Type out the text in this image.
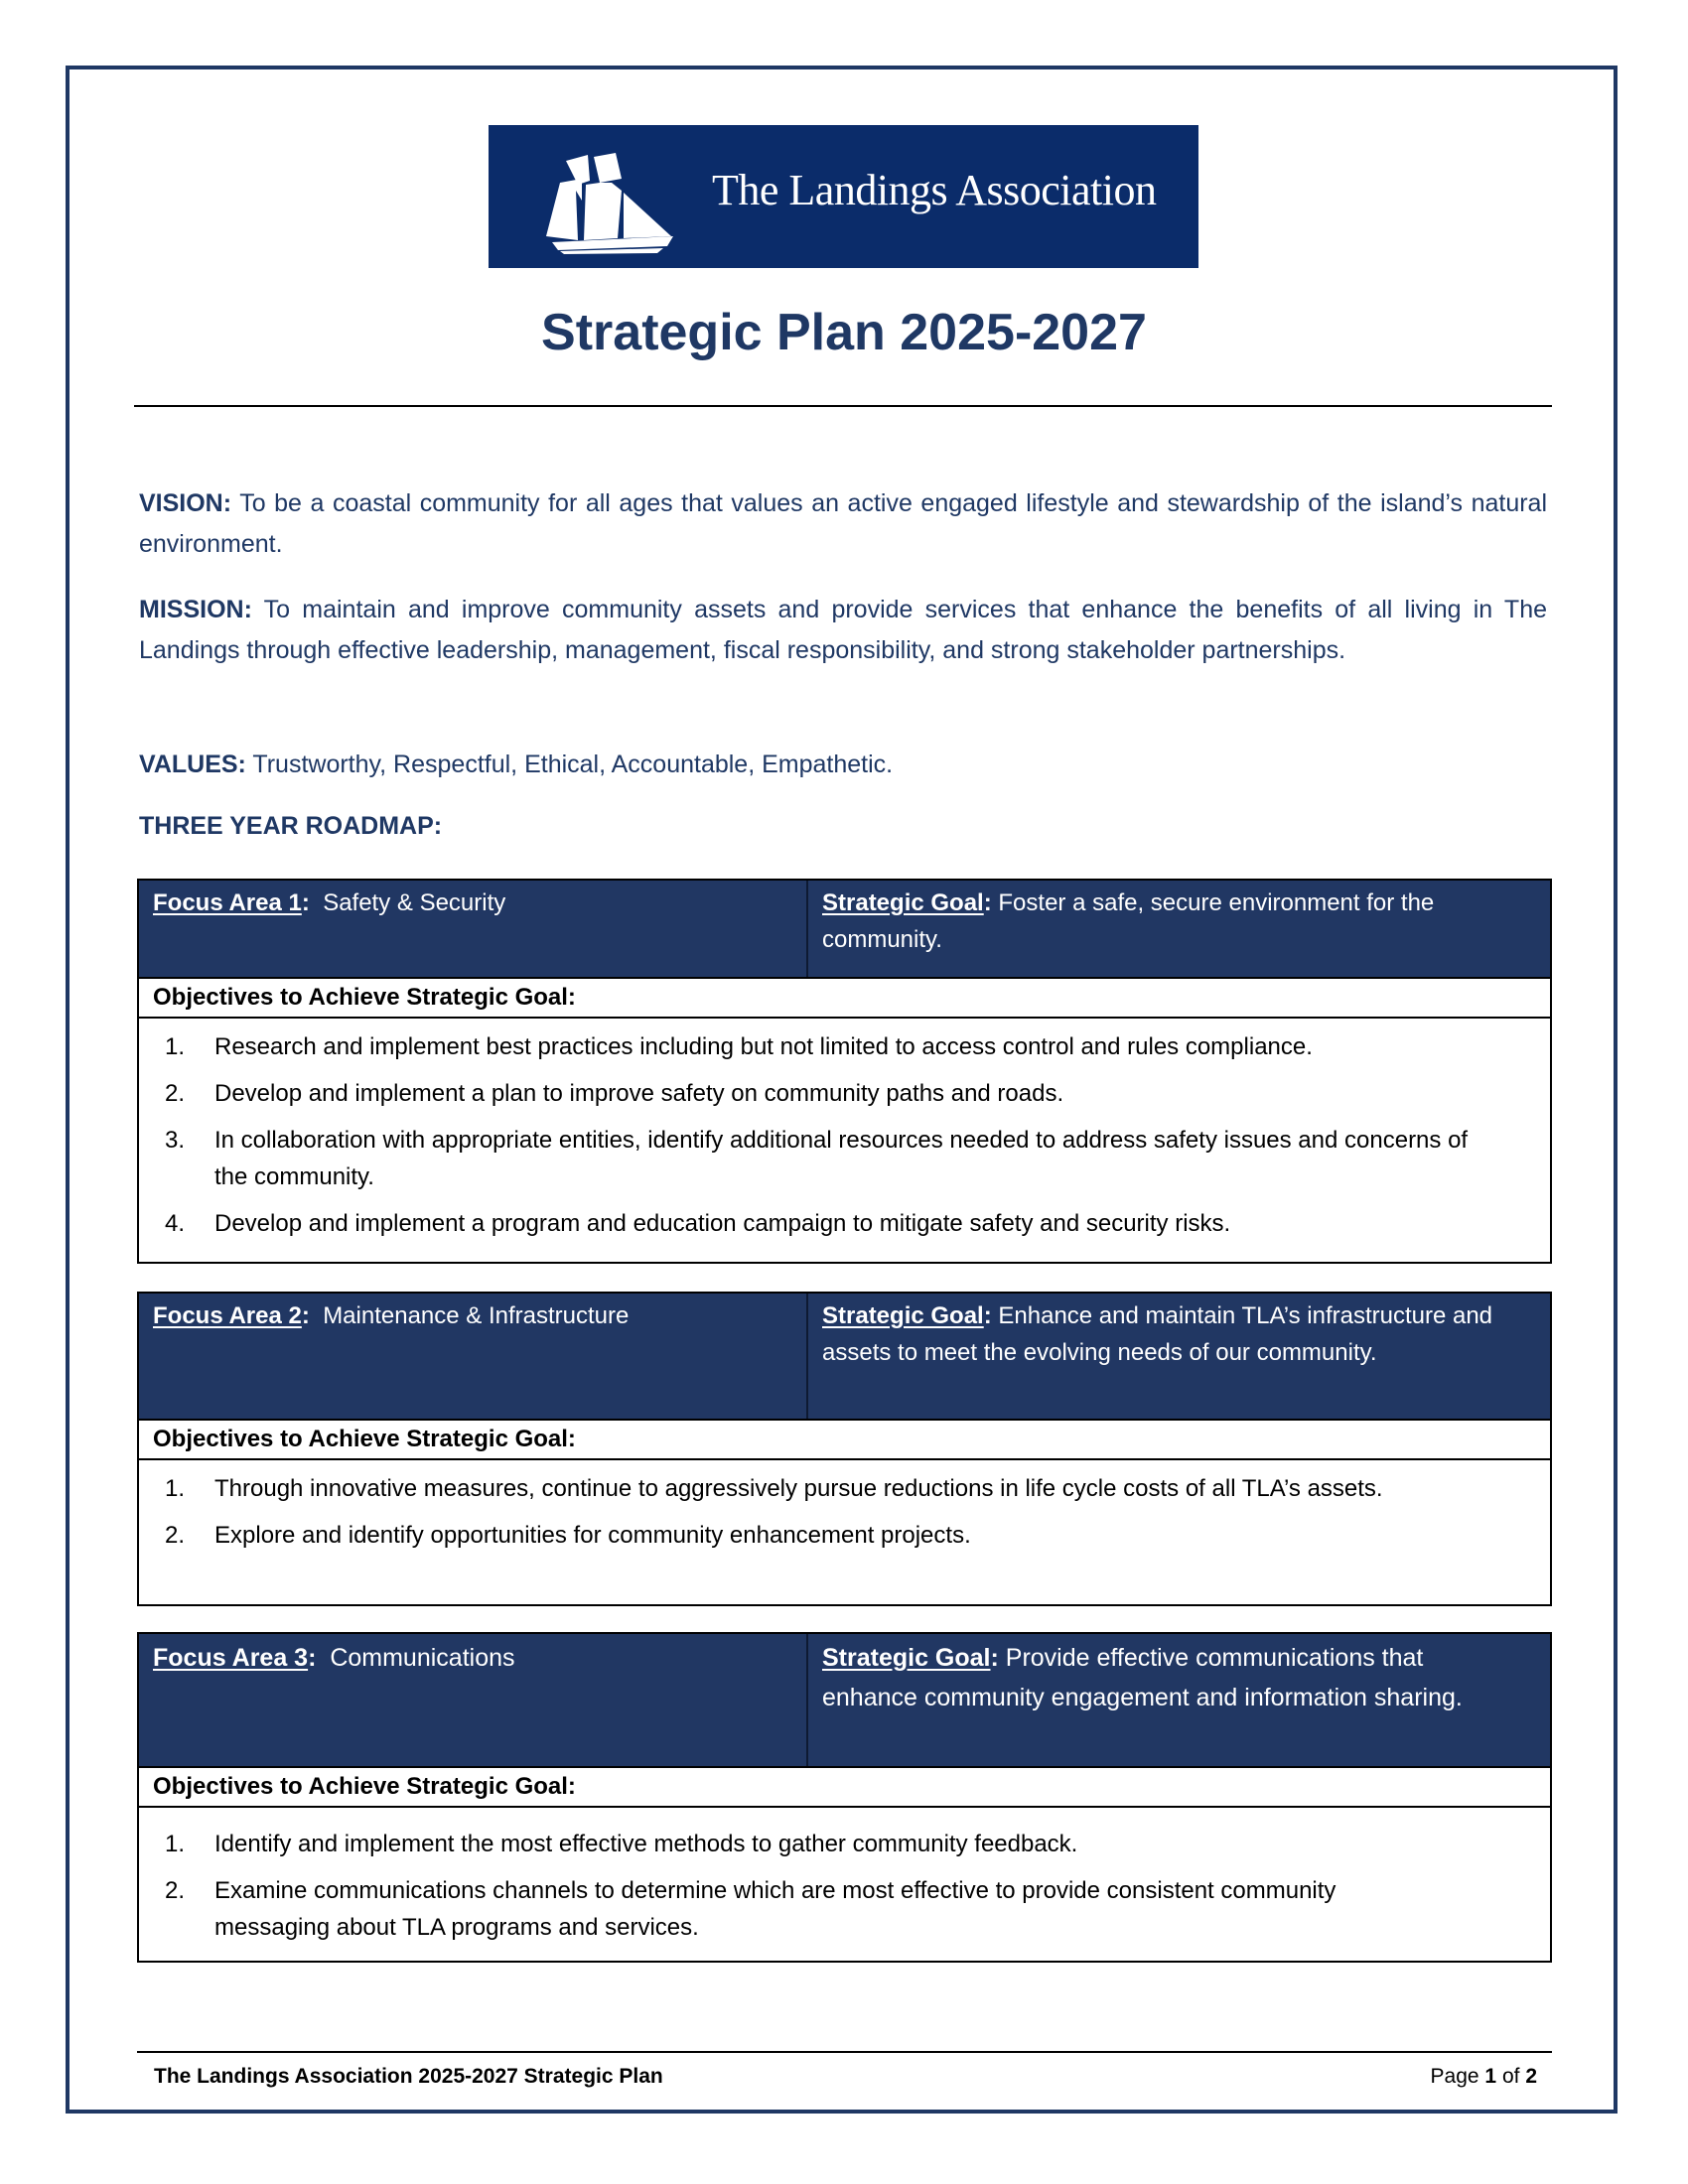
The Landings Association
Strategic Plan 2025-2027
VISION: To be a coastal community for all ages that values an active engaged lifestyle and stewardship of the island’s natural environment.
MISSION: To maintain and improve community assets and provide services that enhance the benefits of all living in The Landings through effective leadership, management, fiscal responsibility, and strong stakeholder partnerships.
VALUES: Trustworthy, Respectful, Ethical, Accountable, Empathetic.
THREE YEAR ROADMAP:
Focus Area 1: Safety & Security	Strategic Goal: Foster a safe, secure environment for the community.
Objectives to Achieve Strategic Goal:
1. Research and implement best practices including but not limited to access control and rules compliance.
2. Develop and implement a plan to improve safety on community paths and roads.
3. In collaboration with appropriate entities, identify additional resources needed to address safety issues and concerns of the community.
4. Develop and implement a program and education campaign to mitigate safety and security risks.
Focus Area 2: Maintenance & Infrastructure	Strategic Goal: Enhance and maintain TLA’s infrastructure and assets to meet the evolving needs of our community.
Objectives to Achieve Strategic Goal:
1. Through innovative measures, continue to aggressively pursue reductions in life cycle costs of all TLA’s assets.
2. Explore and identify opportunities for community enhancement projects.
Focus Area 3: Communications	Strategic Goal: Provide effective communications that enhance community engagement and information sharing.
Objectives to Achieve Strategic Goal:
1. Identify and implement the most effective methods to gather community feedback.
2. Examine communications channels to determine which are most effective to provide consistent community messaging about TLA programs and services.
The Landings Association 2025-2027 Strategic Plan	Page 1 of 2
